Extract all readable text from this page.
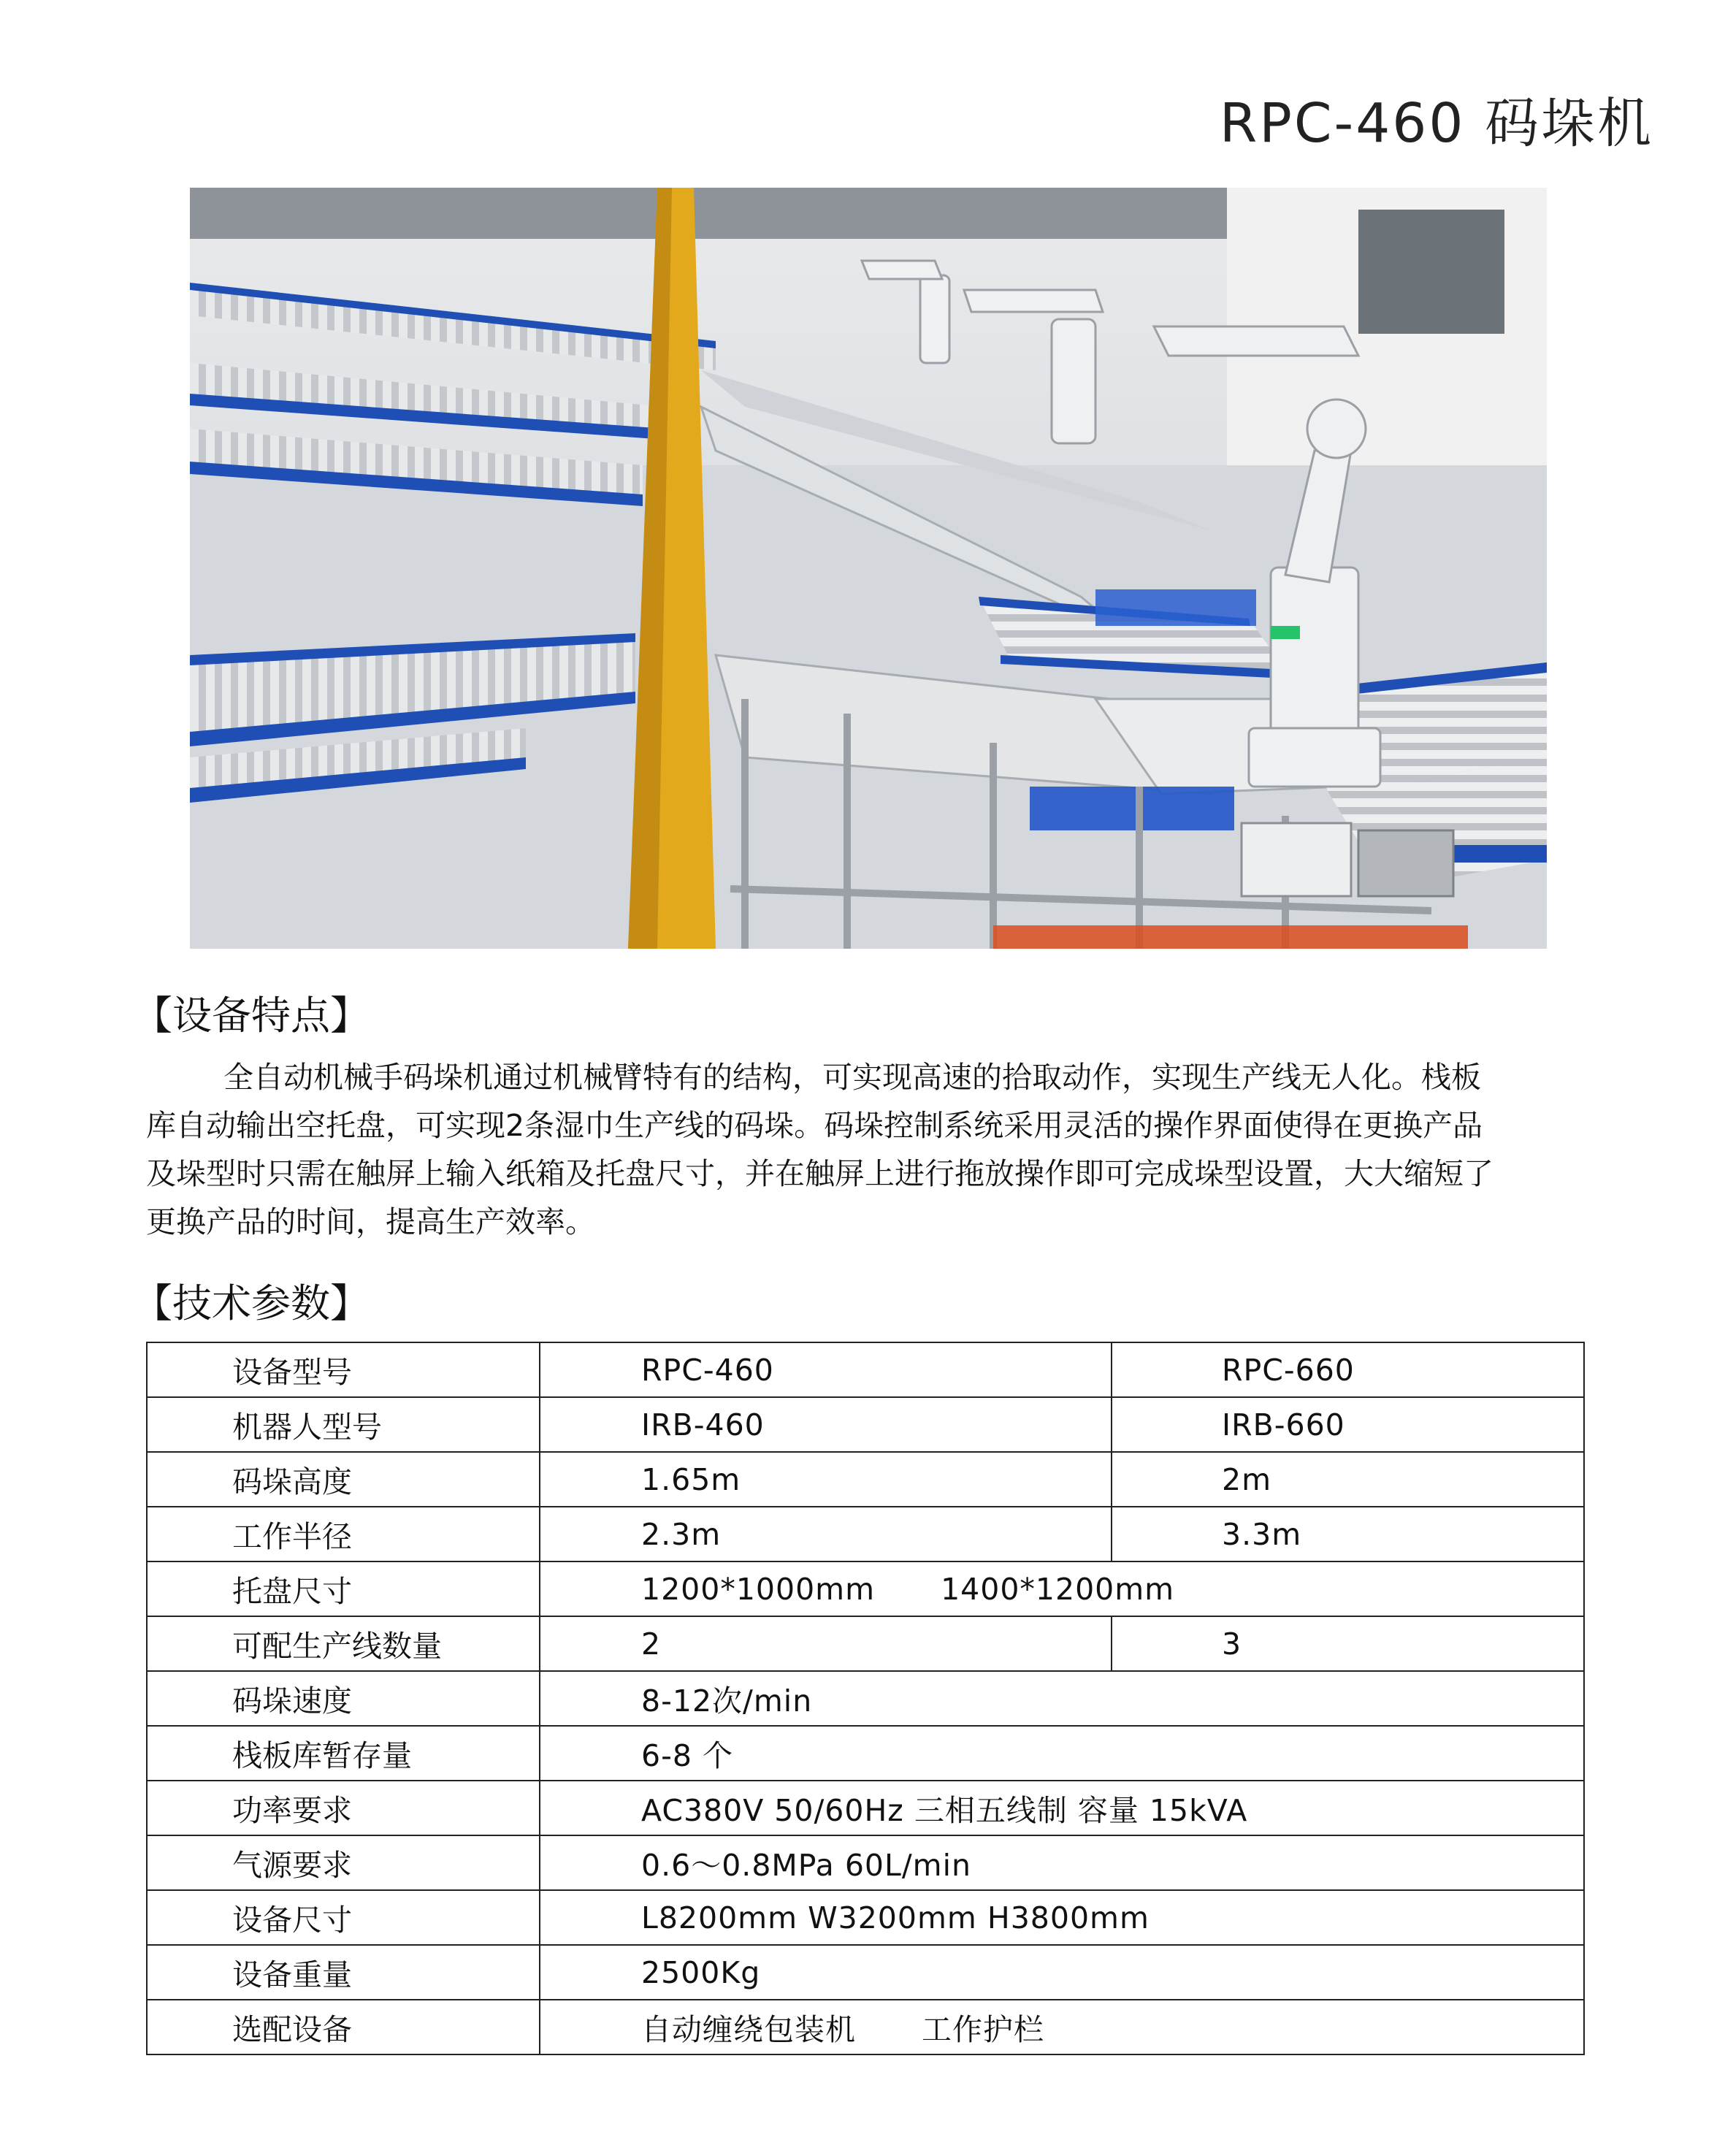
RPC-460 码垛机
【设备特点】
全自动机械手码垛机通过机械臂特有的结构，可实现高速的拾取动作，实现生产线无人化。栈板
库自动输出空托盘，可实现2条湿巾生产线的码垛。码垛控制系统采用灵活的操作界面使得在更换产品
及垛型时只需在触屏上输入纸箱及托盘尺寸，并在触屏上进行拖放操作即可完成垛型设置，大大缩短了
更换产品的时间，提高生产效率。
【技术参数】
设备型号	RPC-460	RPC-660
机器人型号	IRB-460	IRB-660
码垛高度	1.65m	2m
工作半径	2.3m	3.3m
托盘尺寸	1200*1000mm 1400*1200mm	
可配生产线数量	2	3
码垛速度	8-12次/min	
栈板库暂存量	6-8 个	
功率要求	AC380V 50/60Hz 三相五线制 容量 15kVA	
气源要求	0.6～0.8MPa 60L/min	
设备尺寸	L8200mm W3200mm H3800mm	
设备重量	2500Kg	
选配设备	自动缠绕包装机 工作护栏	
